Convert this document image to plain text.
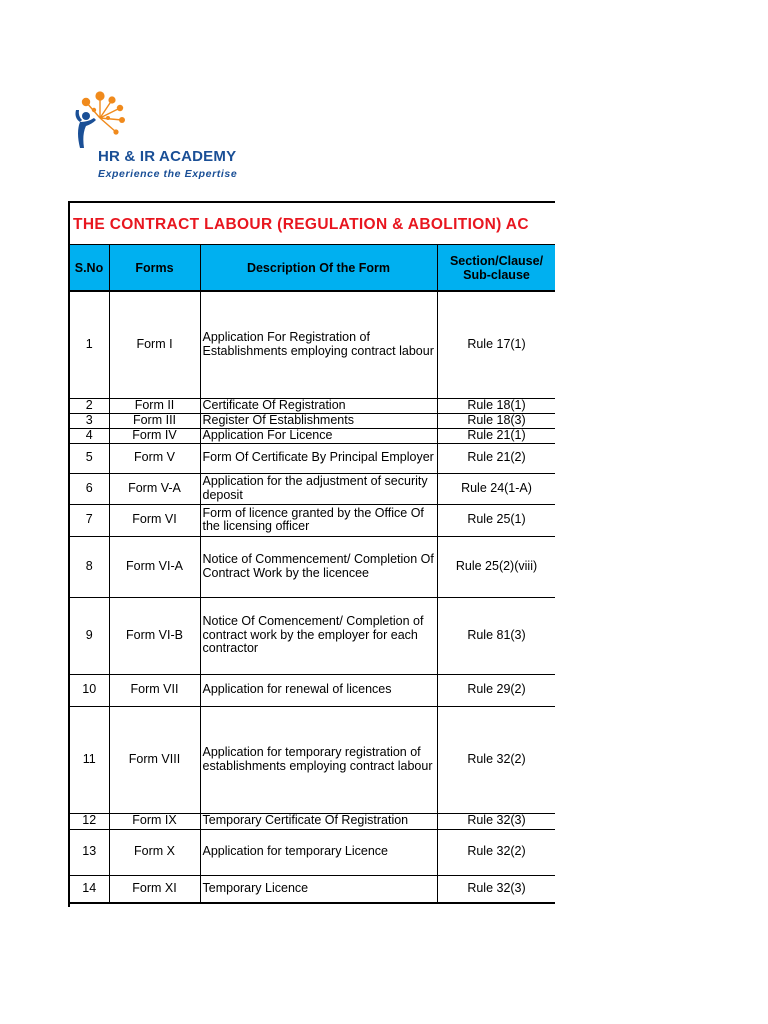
HR & IR ACADEMY
Experience the Expertise
THE CONTRACT LABOUR (REGULATION & ABOLITION) AC
S.No	Forms	Description Of the Form	Section/Clause/ Sub-clause
1	Form I	Application For Registration of Establishments employing contract labour	Rule 17(1)
2	Form II	Certificate Of Registration	Rule 18(1)
3	Form III	Register Of Establishments	Rule 18(3)
4	Form IV	Application For Licence	Rule 21(1)
5	Form V	Form Of Certificate By Principal Employer	Rule 21(2)
6	Form V-A	Application for the adjustment of security deposit	Rule 24(1-A)
7	Form VI	Form of licence granted by the Office Of the licensing officer	Rule 25(1)
8	Form VI-A	Notice of Commencement/ Completion Of Contract Work by the licencee	Rule 25(2)(viii)
9	Form VI-B	Notice Of Comencement/ Completion of contract work by the employer for each contractor	Rule 81(3)
10	Form VII	Application for renewal of licences	Rule 29(2)
11	Form VIII	Application for temporary registration of establishments employing contract labour	Rule 32(2)
12	Form IX	Temporary Certificate Of Registration	Rule 32(3)
13	Form X	Application for temporary Licence	Rule 32(2)
14	Form XI	Temporary Licence	Rule 32(3)
